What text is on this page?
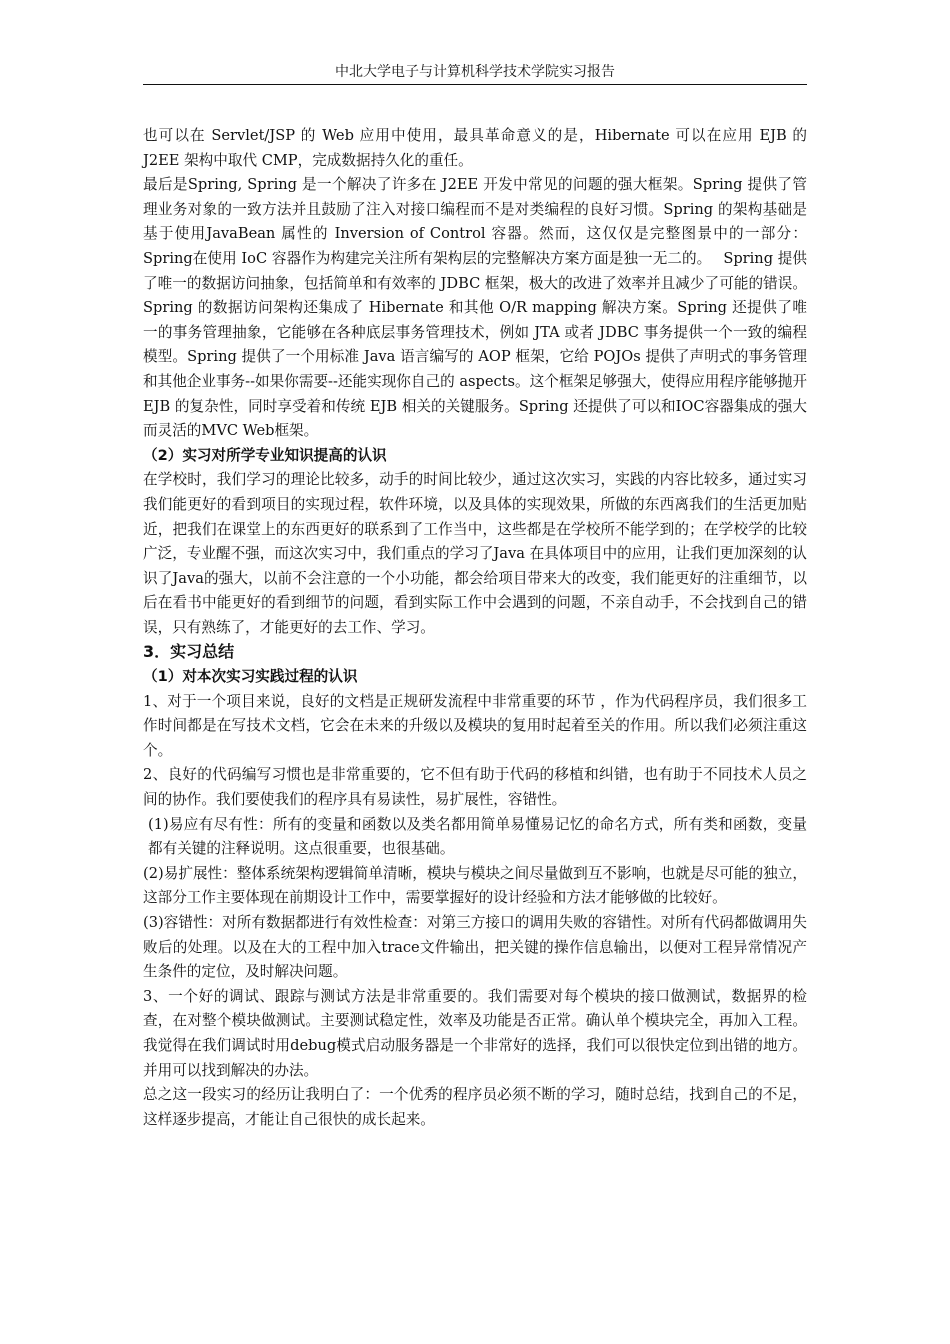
中北大学电子与计算机科学技术学院实习报告

也可以在 Servlet/JSP 的 Web 应用中使用，最具革命意义的是，Hibernate 可以在应用 EJB 的 J2EE 架构中取代 CMP，完成数据持久化的重任。

最后是Spring, Spring 是一个解决了许多在 J2EE 开发中常见的问题的强大框架。Spring 提供了管理业务对象的一致方法并且鼓励了注入对接口编程而不是对类编程的良好习惯。Spring 的架构基础是基于使用JavaBean 属性的 Inversion of Control 容器。然而，这仅仅是完整图景中的一部分：Spring在使用 IoC 容器作为构建完关注所有架构层的完整解决方案方面是独一无二的。　 Spring 提供了唯一的数据访问抽象，包括简单和有效率的 JDBC 框架，极大的改进了效率并且减少了可能的错误。Spring 的数据访问架构还集成了 Hibernate 和其他 O/R mapping 解决方案。Spring 还提供了唯一的事务管理抽象，它能够在各种底层事务管理技术，例如 JTA 或者 JDBC 事务提供一个一致的编程模型。Spring 提供了一个用标准 Java 语言编写的 AOP 框架，它给 POJOs 提供了声明式的事务管理和其他企业事务--如果你需要--还能实现你自己的 aspects。这个框架足够强大，使得应用程序能够抛开 EJB 的复杂性，同时享受着和传统 EJB 相关的关键服务。Spring 还提供了可以和IOC容器集成的强大而灵活的MVC Web框架。

（2）实习对所学专业知识提高的认识

在学校时，我们学习的理论比较多，动手的时间比较少，通过这次实习，实践的内容比较多，通过实习我们能更好的看到项目的实现过程，软件环境，以及具体的实现效果，所做的东西离我们的生活更加贴近，把我们在课堂上的东西更好的联系到了工作当中，这些都是在学校所不能学到的；在学校学的比较广泛，专业醒不强，而这次实习中，我们重点的学习了Java 在具体项目中的应用，让我们更加深刻的认识了Java的强大，以前不会注意的一个小功能，都会给项目带来大的改变，我们能更好的注重细节，以后在看书中能更好的看到细节的问题，看到实际工作中会遇到的问题，不亲自动手，不会找到自己的错误，只有熟练了，才能更好的去工作、学习。

3．实习总结

（1）对本次实习实践过程的认识

1、对于一个项目来说，良好的文档是正规研发流程中非常重要的环节 ，作为代码程序员，我们很多工作时间都是在写技术文档，它会在未来的升级以及模块的复用时起着至关的作用。所以我们必须注重这个。

2、良好的代码编写习惯也是非常重要的，它不但有助于代码的移植和纠错，也有助于不同技术人员之间的协作。我们要使我们的程序具有易读性，易扩展性，容错性。

(1)易应有尽有性：所有的变量和函数以及类名都用简单易懂易记忆的命名方式，所有类和函数，变量都有关键的注释说明。这点很重要，也很基础。

(2)易扩展性：整体系统架构逻辑简单清晰，模块与模块之间尽量做到互不影响，也就是尽可能的独立，这部分工作主要体现在前期设计工作中，需要掌握好的设计经验和方法才能够做的比较好。

(3)容错性：对所有数据都进行有效性检查：对第三方接口的调用失败的容错性。对所有代码都做调用失败后的处理。以及在大的工程中加入trace文件输出，把关键的操作信息输出，以便对工程异常情况产生条件的定位，及时解决问题。

3、一个好的调试、跟踪与测试方法是非常重要的。我们需要对每个模块的接口做测试，数据界的检查，在对整个模块做测试。主要测试稳定性，效率及功能是否正常。确认单个模块完全，再加入工程。我觉得在我们调试时用debug模式启动服务器是一个非常好的选择，我们可以很快定位到出错的地方。并用可以找到解决的办法。

总之这一段实习的经历让我明白了：一个优秀的程序员必须不断的学习，随时总结，找到自己的不足，这样逐步提高，才能让自己很快的成长起来。
